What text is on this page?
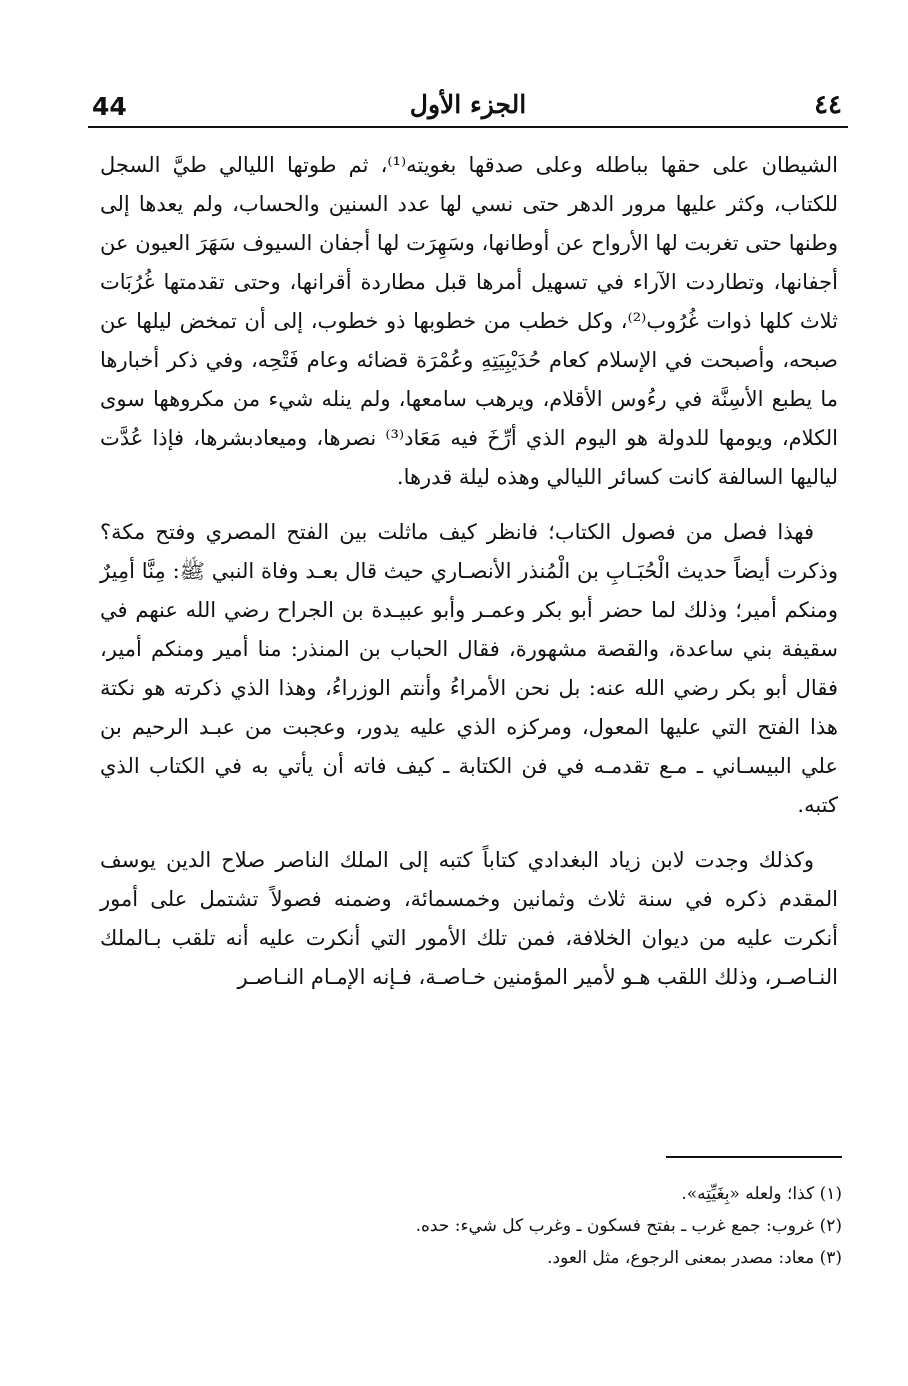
44	الجزء الأول	٤٤

الشيطان على حقها بباطله وعلى صدقها بغويته⁽¹⁾، ثم طوتها الليالي طيَّ السجل للكتاب، وكثر عليها مرور الدهر حتى نسي لها عدد السنين والحساب، ولم يعدها إلى وطنها حتى تغربت لها الأرواح عن أوطانها، وسَهِرَت لها أجفان السيوف سَهَرَ العيون عن أجفانها، وتطاردت الآراء في تسهيل أمرها قبل مطاردة أقرانها، وحتى تقدمتها غُرُبَات ثلاث كلها ذوات غُرُوب⁽²⁾، وكل خطب من خطوبها ذو خطوب، إلى أن تمخض ليلها عن صبحه، وأصبحت في الإسلام كعام حُدَيْبِيَتِهِ وعُمْرَة قضائه وعام فَتْحِه، وفي ذكر أخبارها ما يطبع الأسِنَّة في رءُوس الأقلام، ويرهب سامعها، ولم ينله شيء من مكروهها سوى الكلام، ويومها للدولة هو اليوم الذي أرِّخَ فيه مَعَاد⁽³⁾ نصرها، وميعادبشرها، فإذا عُدَّت لياليها السالفة كانت كسائر الليالي وهذه ليلة قدرها.

فهذا فصل من فصول الكتاب؛ فانظر كيف ماثلت بين الفتح المصري وفتح مكة؟ وذكرت أيضاً حديث الْحُبَـابِ بن الْمُنذر الأنصـاري حيث قال بعـد وفاة النبي ﷺ: مِنَّا أمِيرٌ ومنكم أمير؛ وذلك لما حضر أبو بكر وعمـر وأبو عبيـدة بن الجراح رضي الله عنهم في سقيفة بني ساعدة، والقصة مشهورة، فقال الحباب بن المنذر: منا أمير ومنكم أمير، فقال أبو بكر رضي الله عنه: بل نحن الأمراءُ وأنتم الوزراءُ، وهذا الذي ذكرته هو نكتة هذا الفتح التي عليها المعول، ومركزه الذي عليه يدور، وعجبت من عبـد الرحيم بن علي البيسـاني ـ مـع تقدمـه في فن الكتابة ـ كيف فاته أن يأتي به في الكتاب الذي كتبه.

وكذلك وجدت لابن زياد البغدادي كتاباً كتبه إلى الملك الناصر صلاح الدين يوسف المقدم ذكره في سنة ثلاث وثمانين وخمسمائة، وضمنه فصولاً تشتمل على أمور أنكرت عليه من ديوان الخلافة، فمن تلك الأمور التي أنكرت عليه أنه تلقب بـالملك النـاصـر، وذلك اللقب هـو لأمير المؤمنين خـاصـة، فـإنه الإمـام النـاصـر

(١) كذا؛ ولعله «بِغَيِّتِه».

(٢) غروب: جمع غرب ـ بفتح فسكون ـ وغرب كل شيء: حده.

(٣) معاد: مصدر بمعنى الرجوع، مثل العود.
